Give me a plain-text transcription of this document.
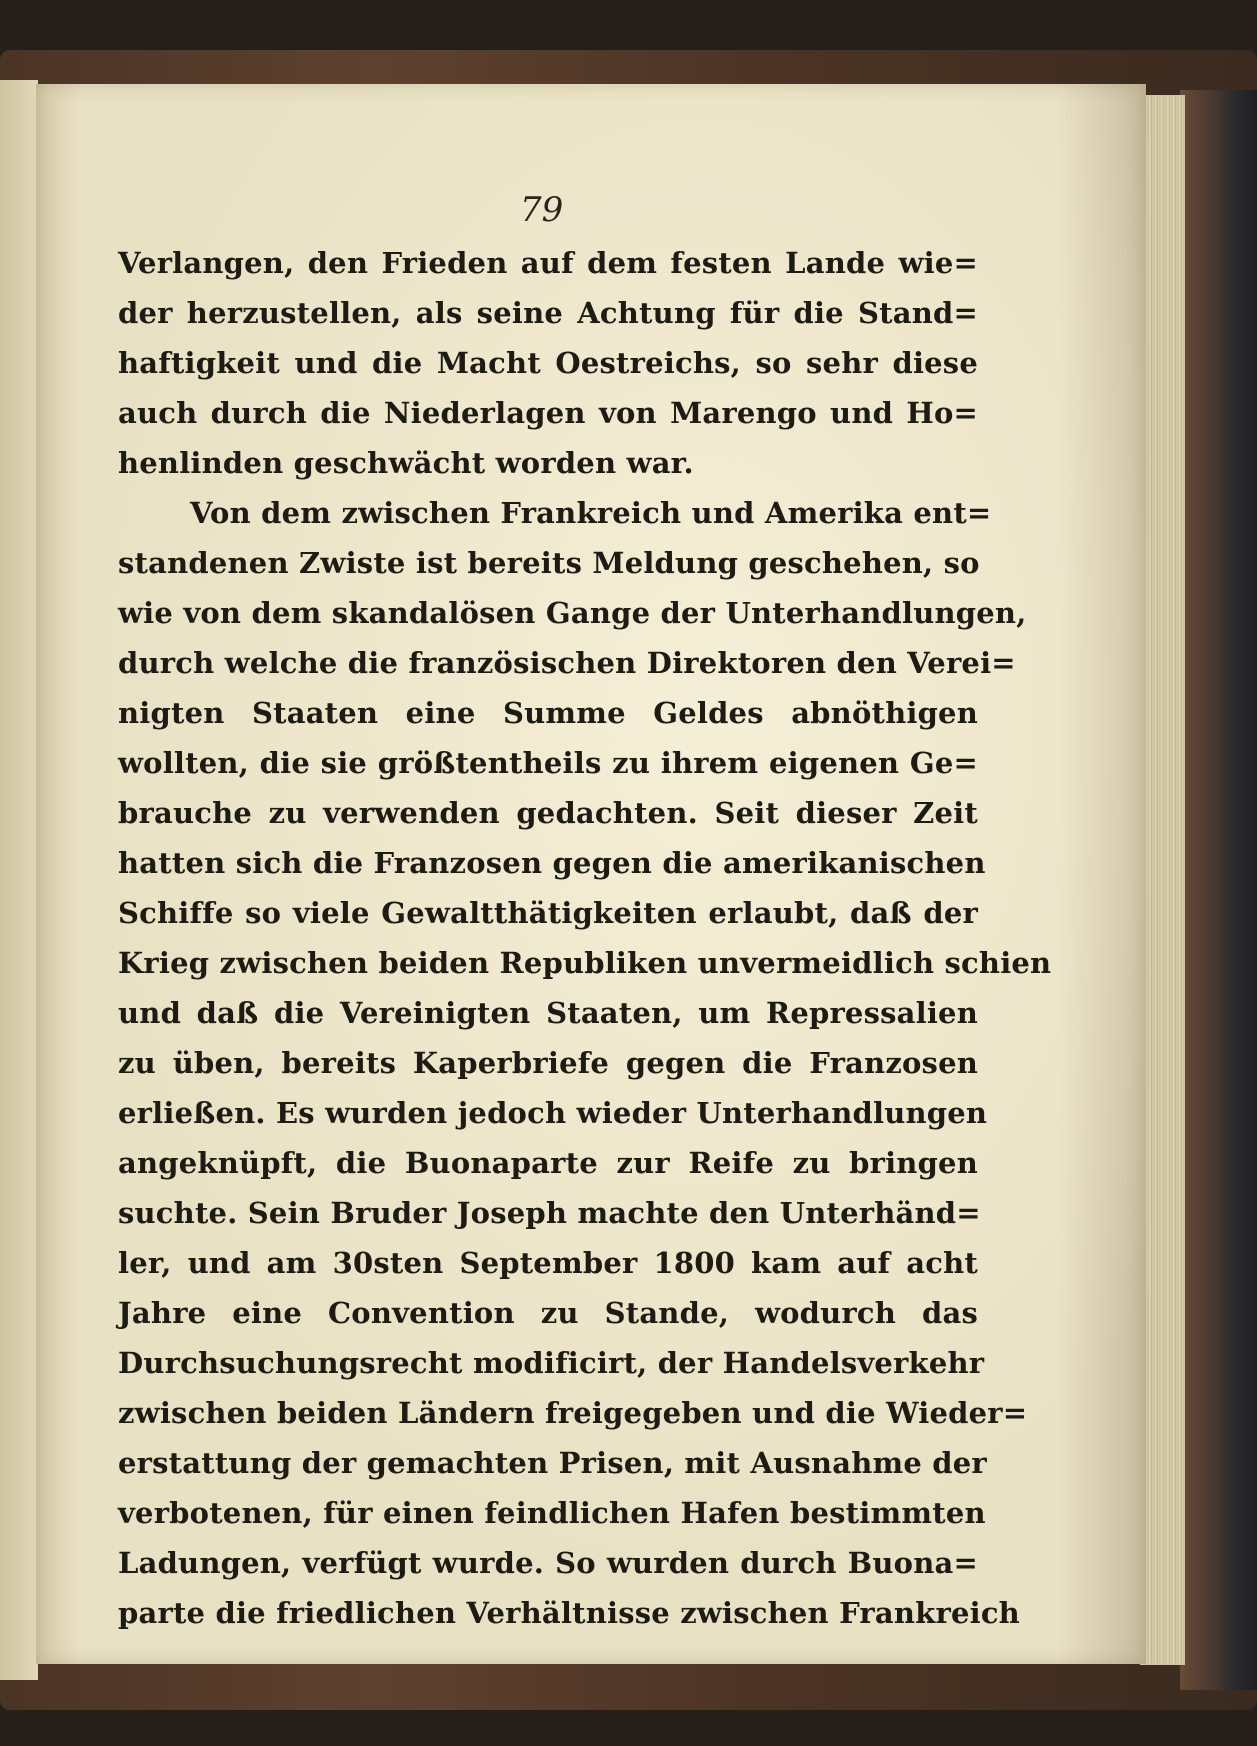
79

Verlangen, den Frieden auf dem festen Lande wie=
der herzustellen, als seine Achtung für die Stand=
haftigkeit und die Macht Oestreichs, so sehr diese
auch durch die Niederlagen von Marengo und Ho=
henlinden geschwächt worden war.
Von dem zwischen Frankreich und Amerika ent=
standenen Zwiste ist bereits Meldung geschehen, so
wie von dem skandalösen Gange der Unterhandlungen,
durch welche die französischen Direktoren den Verei=
nigten Staaten eine Summe Geldes abnöthigen
wollten, die sie größtentheils zu ihrem eigenen Ge=
brauche zu verwenden gedachten. Seit dieser Zeit
hatten sich die Franzosen gegen die amerikanischen
Schiffe so viele Gewaltthätigkeiten erlaubt, daß der
Krieg zwischen beiden Republiken unvermeidlich schien
und daß die Vereinigten Staaten, um Repressalien
zu üben, bereits Kaperbriefe gegen die Franzosen
erließen. Es wurden jedoch wieder Unterhandlungen
angeknüpft, die Buonaparte zur Reife zu bringen
suchte. Sein Bruder Joseph machte den Unterhänd=
ler, und am 30sten September 1800 kam auf acht
Jahre eine Convention zu Stande, wodurch das
Durchsuchungsrecht modificirt, der Handelsverkehr
zwischen beiden Ländern freigegeben und die Wieder=
erstattung der gemachten Prisen, mit Ausnahme der
verbotenen, für einen feindlichen Hafen bestimmten
Ladungen, verfügt wurde. So wurden durch Buona=
parte die friedlichen Verhältnisse zwischen Frankreich
